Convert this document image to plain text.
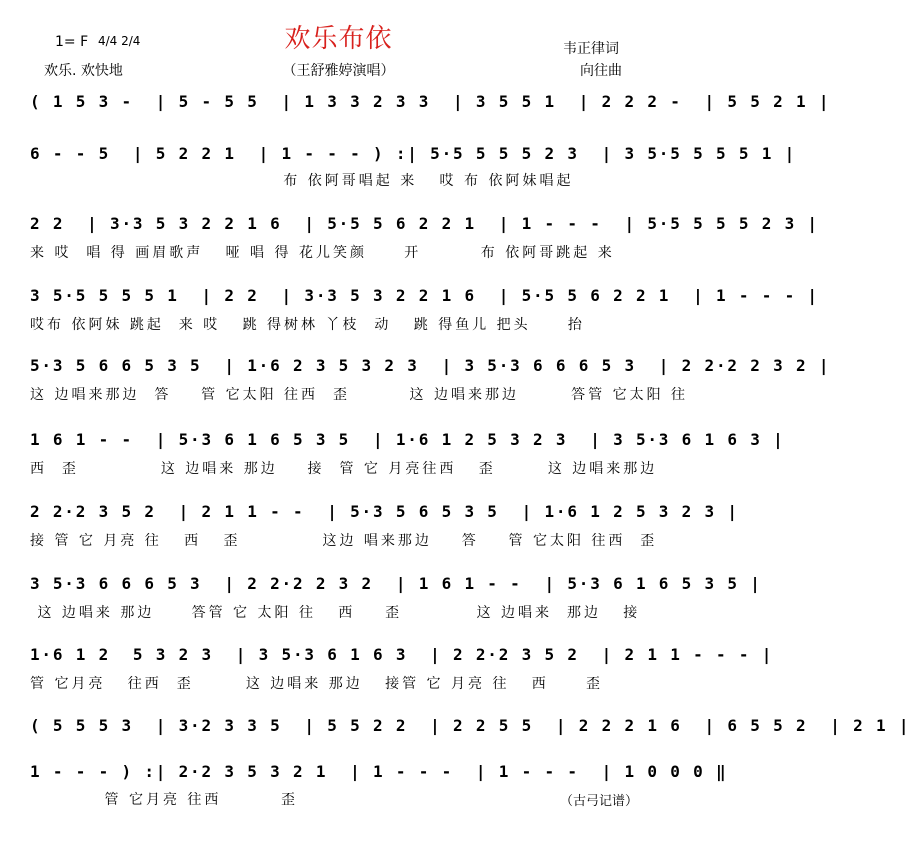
欢乐布依
（王舒雅婷演唱）
1= F 4/4 2/4
欢乐. 欢快地
韦正律词
向往曲
( 1 5 3 -  | 5 - 5 5  | 1 3 3 2 3 3  | 3 5 5 1  | 2 2 2 -  | 5 5 2 1 |
6 - - 5  | 5 2 2 1  | 1 - - - ) :| 5·5 5 5 5 2 3  | 3 5·5 5 5 5 1 |
布 依阿哥唱起 来   哎 布 依阿妹唱起
2 2  | 3·3 5 3 2 2 1 6  | 5·5 5 6 2 2 1  | 1 - - -  | 5·5 5 5 5 2 3 |
来 哎  唱 得 画眉歌声   哑 唱 得 花儿笑颜     开        布 依阿哥跳起 来
3 5·5 5 5 5 1  | 2 2  | 3·3 5 3 2 2 1 6  | 5·5 5 6 2 2 1  | 1 - - - |
哎布 依阿妹 跳起  来 哎   跳 得树林 丫枝  动   跳 得鱼儿 把头     抬
5·3 5 6 6 5 3 5  | 1·6 2 3 5 3 2 3  | 3 5·3 6 6 6 5 3  | 2 2·2 2 3 2 |
这 边唱来那边  答    管 它太阳 往西  歪        这 边唱来那边       答管 它太阳 往
1 6 1 - -  | 5·3 6 1 6 5 3 5  | 1·6 1 2 5 3 2 3  | 3 5·3 6 1 6 3 |
西  歪           这 边唱来 那边    接  管 它 月亮往西   歪       这 边唱来那边
2 2·2 3 5 2  | 2 1 1 - -  | 5·3 5 6 5 3 5  | 1·6 1 2 5 3 2 3 |
接 管 它 月亮 往   西   歪           这边 唱来那边    答    管 它太阳 往西  歪
3 5·3 6 6 6 5 3  | 2 2·2 2 3 2  | 1 6 1 - -  | 5·3 6 1 6 5 3 5 |
这 边唱来 那边     答管 它 太阳 往   西    歪          这 边唱来  那边   接
1·6 1 2  5 3 2 3  | 3 5·3 6 1 6 3  | 2 2·2 3 5 2  | 2 1 1 - - - |
管 它月亮   往西  歪       这 边唱来 那边   接管 它 月亮 往   西     歪
( 5 5 5 3  | 3·2 3 3 5  | 5 5 2 2  | 2 2 5 5  | 2 2 2 1 6  | 6 5 5 2  | 2 1 |
1 - - - ) :| 2·2 3 5 3 2 1  | 1 - - -  | 1 - - -  | 1 0 0 0 ‖
管 它月亮 往西        歪	（古弓记谱）
